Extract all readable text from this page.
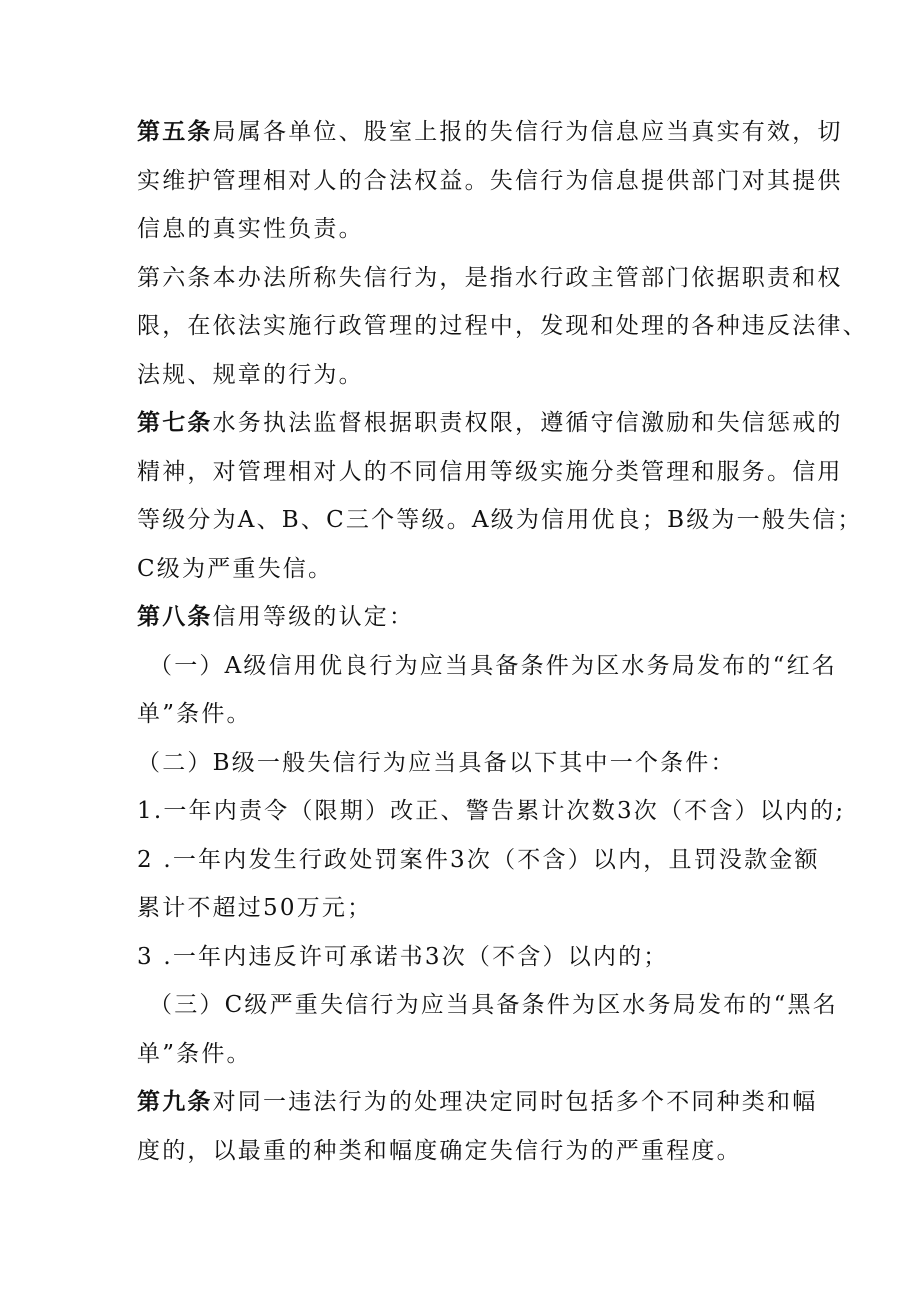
第五条局属各单位、股室上报的失信行为信息应当真实有效，切
实维护管理相对人的合法权益。失信行为信息提供部门对其提供
信息的真实性负责。
第六条本办法所称失信行为，是指水行政主管部门依据职责和权
限，在依法实施行政管理的过程中，发现和处理的各种违反法律、
法规、规章的行为。
第七条水务执法监督根据职责权限，遵循守信激励和失信惩戒的
精神，对管理相对人的不同信用等级实施分类管理和服务。信用
等级分为A、B、C三个等级。A级为信用优良；B级为一般失信；
C级为严重失信。
第八条信用等级的认定：
（一）A级信用优良行为应当具备条件为区水务局发布的“红名
单”条件。
（二）B级一般失信行为应当具备以下其中一个条件：
1.一年内责令（限期）改正、警告累计次数3次（不含）以内的;
2 .一年内发生行政处罚案件3次（不含）以内，且罚没款金额
累计不超过50万元；
3 .一年内违反许可承诺书3次（不含）以内的；
（三）C级严重失信行为应当具备条件为区水务局发布的“黑名
单”条件。
第九条对同一违法行为的处理决定同时包括多个不同种类和幅
度的，以最重的种类和幅度确定失信行为的严重程度。
